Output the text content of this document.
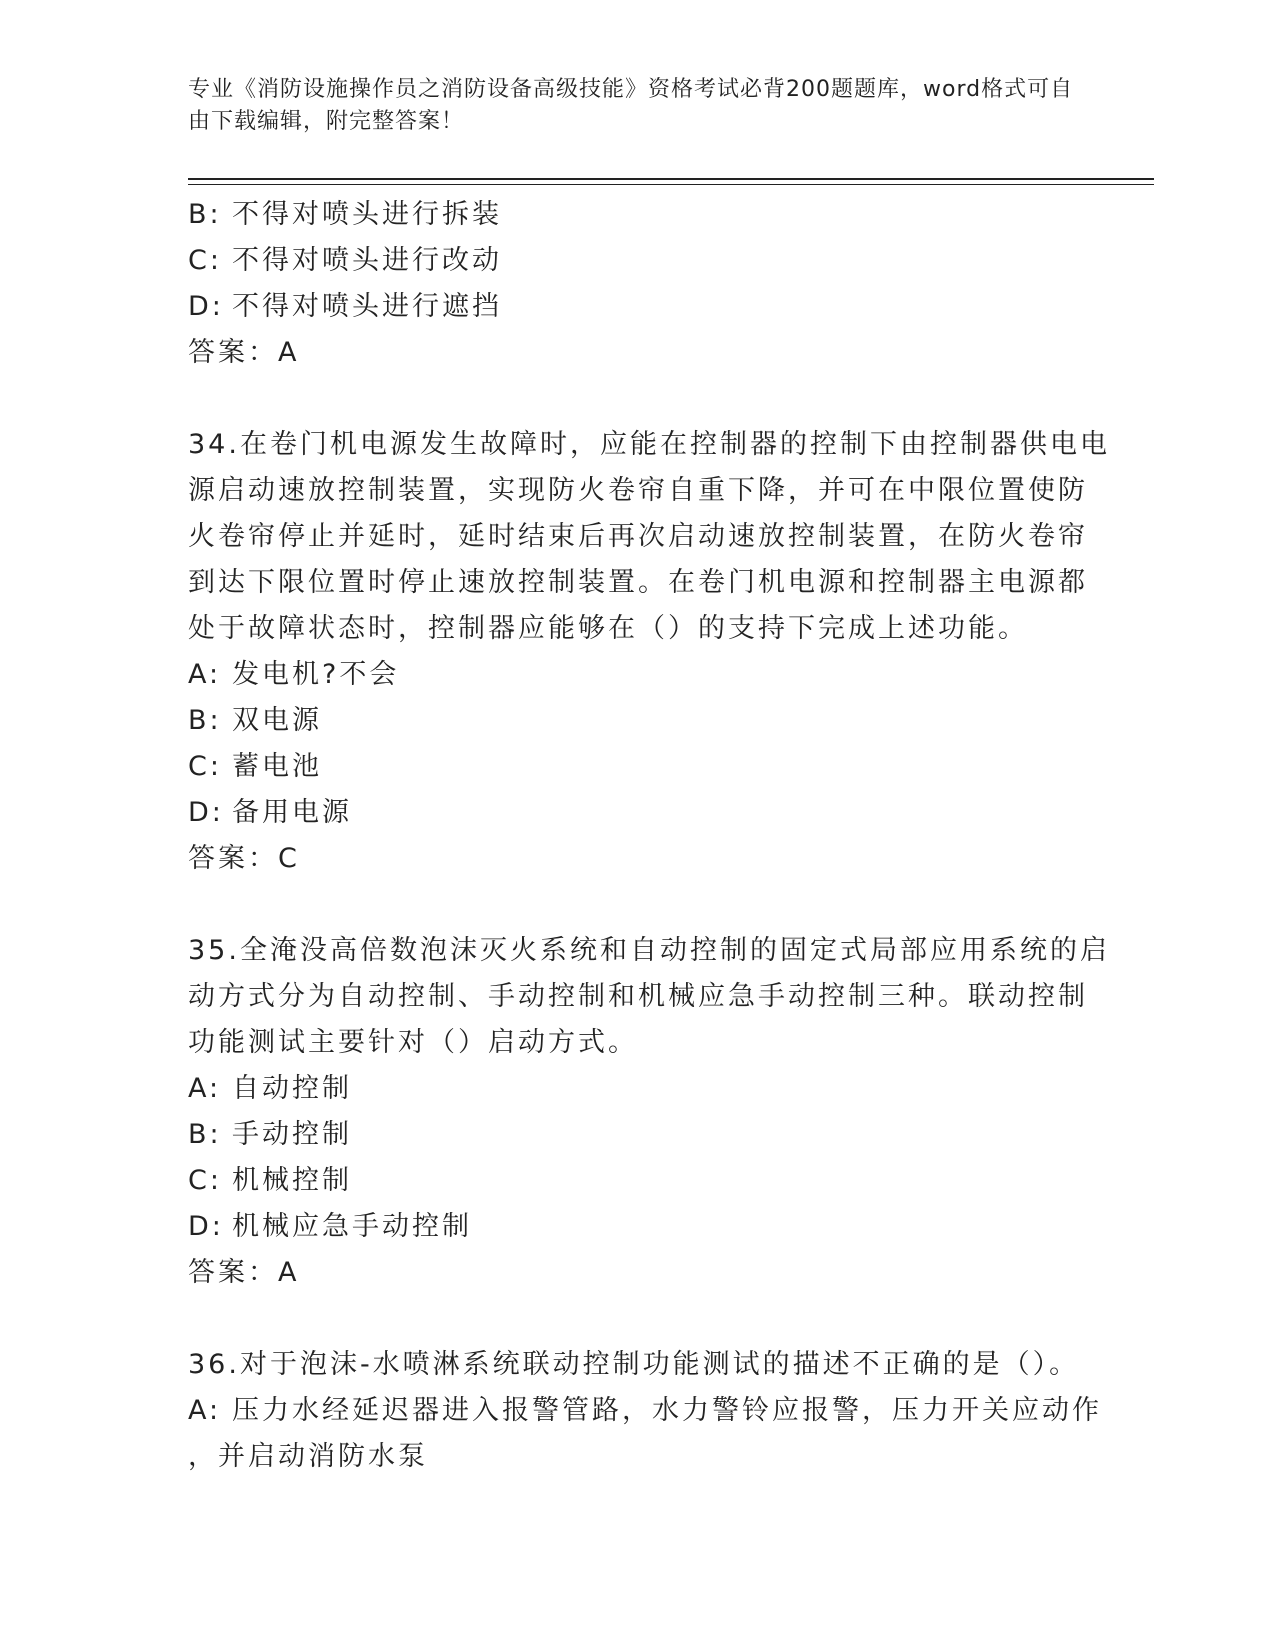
专业《消防设施操作员之消防设备高级技能》资格考试必背200题题库，word格式可自由下载编辑，附完整答案！
B: 不得对喷头进行拆装
C: 不得对喷头进行改动
D: 不得对喷头进行遮挡
答案：A
34.在卷门机电源发生故障时，应能在控制器的控制下由控制器供电电
源启动速放控制装置，实现防火卷帘自重下降，并可在中限位置使防
火卷帘停止并延时，延时结束后再次启动速放控制装置，在防火卷帘
到达下限位置时停止速放控制装置。在卷门机电源和控制器主电源都
处于故障状态时，控制器应能够在（）的支持下完成上述功能。
A: 发电机?不会
B: 双电源
C: 蓄电池
D: 备用电源
答案：C
35.全淹没高倍数泡沫灭火系统和自动控制的固定式局部应用系统的启
动方式分为自动控制、手动控制和机械应急手动控制三种。联动控制
功能测试主要针对（）启动方式。
A: 自动控制
B: 手动控制
C: 机械控制
D: 机械应急手动控制
答案：A
36.对于泡沫-水喷淋系统联动控制功能测试的描述不正确的是（）。
A: 压力水经延迟器进入报警管路，水力警铃应报警，压力开关应动作
，并启动消防水泵
